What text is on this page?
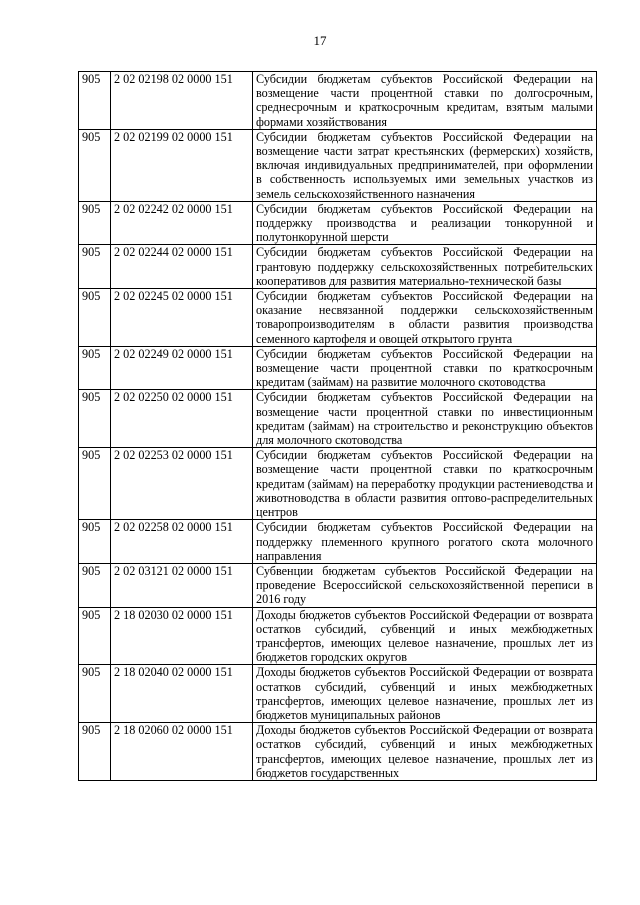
17
905	2 02 02198 02 0000 151	Субсидии бюджетам субъектов Российской Федерации на возмещение части процентной ставки по долгосрочным, среднесрочным и краткосрочным кредитам, взятым малыми формами хозяйствования
905	2 02 02199 02 0000 151	Субсидии бюджетам субъектов Российской Федерации на возмещение части затрат крестьянских (фермерских) хозяйств, включая индивидуальных предпринимателей, при оформлении в собственность используемых ими земельных участков из земель сельскохозяйственного назначения
905	2 02 02242 02 0000 151	Субсидии бюджетам субъектов Российской Федерации на поддержку производства и реализации тонкорунной и полутонкорунной шерсти
905	2 02 02244 02 0000 151	Субсидии бюджетам субъектов Российской Федерации на грантовую поддержку сельскохозяйственных потребительских кооперативов для развития материально-технической базы
905	2 02 02245 02 0000 151	Субсидии бюджетам субъектов Российской Федерации на оказание несвязанной поддержки сельскохозяйственным товаропроизводителям в области развития производства семенного картофеля и овощей открытого грунта
905	2 02 02249 02 0000 151	Субсидии бюджетам субъектов Российской Федерации на возмещение части процентной ставки по краткосрочным кредитам (займам) на развитие молочного скотоводства
905	2 02 02250 02 0000 151	Субсидии бюджетам субъектов Российской Федерации на возмещение части процентной ставки по инвестиционным кредитам (займам) на строительство и реконструкцию объектов для молочного скотоводства
905	2 02 02253 02 0000 151	Субсидии бюджетам субъектов Российской Федерации на возмещение части процентной ставки по краткосрочным кредитам (займам) на переработку продукции растениеводства и животноводства в области развития оптово-распределительных центров
905	2 02 02258 02 0000 151	Субсидии бюджетам субъектов Российской Федерации на поддержку племенного крупного рогатого скота молочного направления
905	2 02 03121 02 0000 151	Субвенции бюджетам субъектов Российской Федерации на проведение Всероссийской сельскохозяйственной переписи в 2016 году
905	2 18 02030 02 0000 151	Доходы бюджетов субъектов Российской Федерации от возврата остатков субсидий, субвенций и иных межбюджетных трансфертов, имеющих целевое назначение, прошлых лет из бюджетов городских округов
905	2 18 02040 02 0000 151	Доходы бюджетов субъектов Российской Федерации от возврата остатков субсидий, субвенций и иных межбюджетных трансфертов, имеющих целевое назначение, прошлых лет из бюджетов муниципальных районов
905	2 18 02060 02 0000 151	Доходы бюджетов субъектов Российской Федерации от возврата остатков субсидий, субвенций и иных межбюджетных трансфертов, имеющих целевое назначение, прошлых лет из бюджетов государственных
